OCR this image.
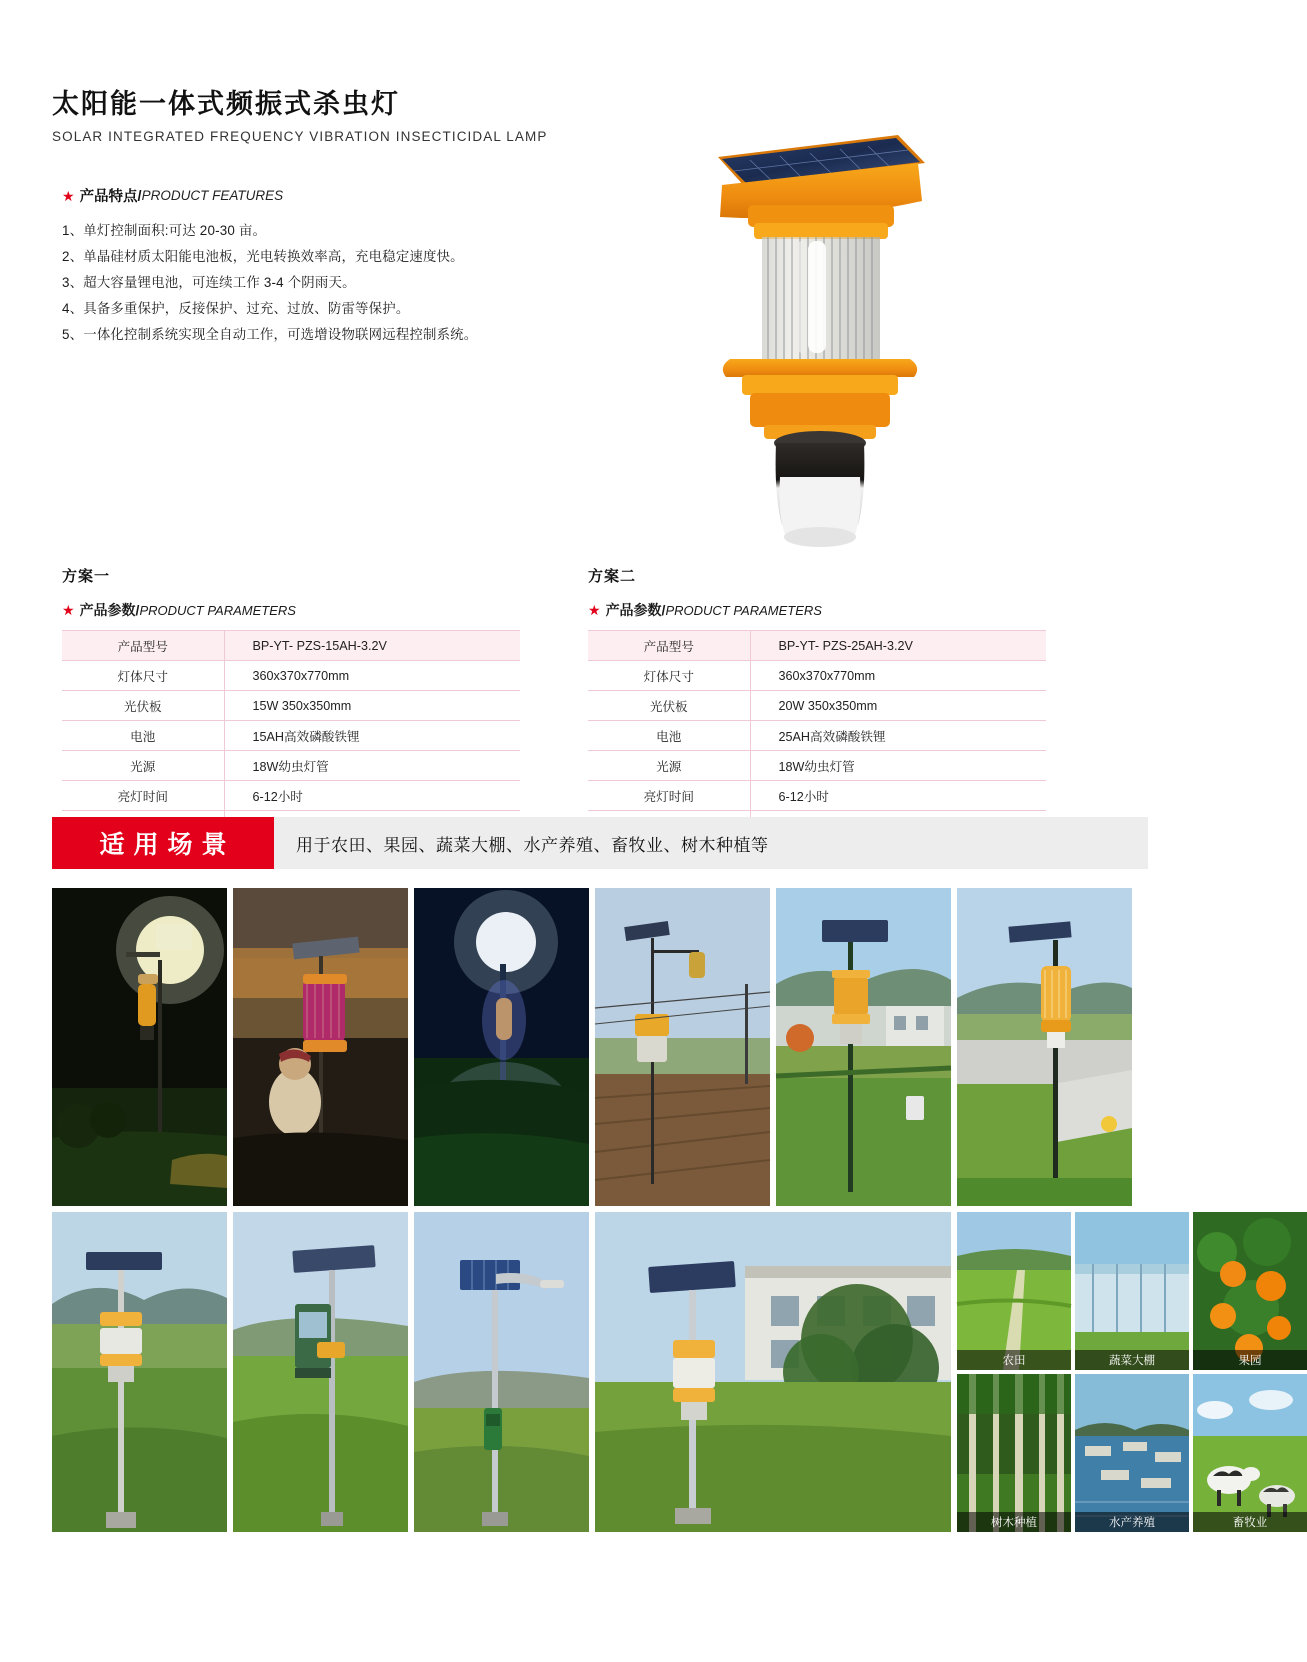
太阳能一体式频振式杀虫灯

SOLAR INTEGRATED FREQUENCY VIBRATION INSECTICIDAL LAMP

★ 产品特点/ PRODUCT FEATURES
1、单灯控制面积:可达 20-30 亩。
2、单晶硅材质太阳能电池板，光电转换效率高，充电稳定速度快。
3、超大容量锂电池，可连续工作 3-4 个阴雨天。
4、具备多重保护，反接保护、过充、过放、防雷等保护。
5、一体化控制系统实现全自动工作，可选增设物联网远程控制系统。
方案一
★ 产品参数/ PRODUCT PARAMETERS
产品型号	BP-YT- PZS-15AH-3.2V
灯体尺寸	360x370x770mm
光伏板	15W 350x350mm
电池	15AH高效磷酸铁锂
光源	18W幼虫灯管
亮灯时间	6-12小时

方案二
★ 产品参数/ PRODUCT PARAMETERS
产品型号	BP-YT- PZS-25AH-3.2V
灯体尺寸	360x370x770mm
光伏板	20W 350x350mm
电池	25AH高效磷酸铁锂
光源	18W幼虫灯管
亮灯时间	6-12小时

适用场景	用于农田、果园、蔬菜大棚、水产养殖、畜牧业、树木种植等
农田	蔬菜大棚	果园
树木种植	水产养殖	畜牧业
